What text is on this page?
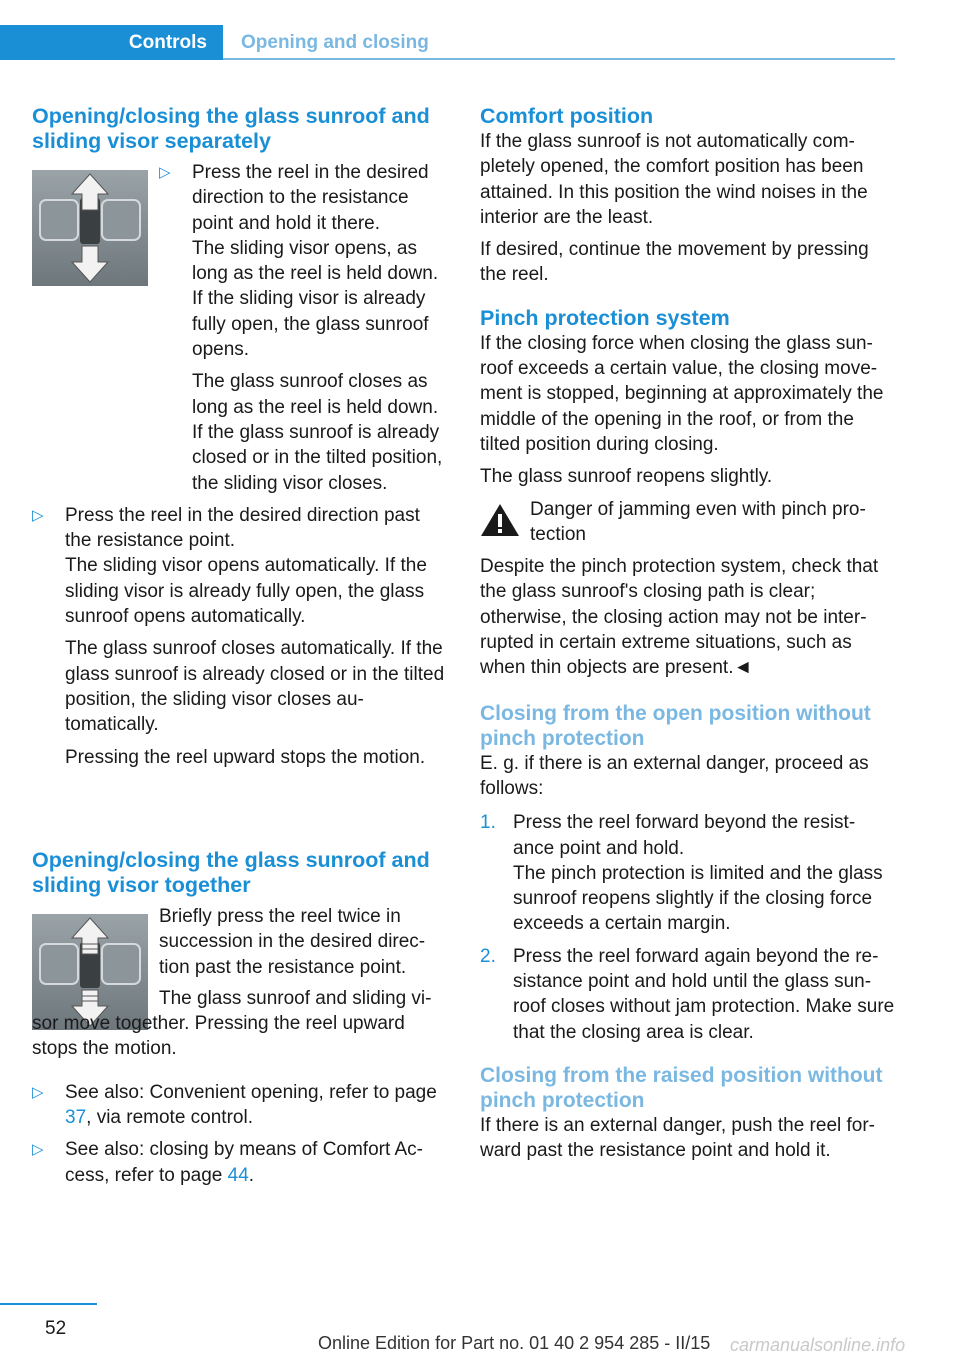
Controls	Opening and closing
Opening/closing the glass sunroof and sliding visor separately
▷ Press the reel in the desired direction to the resistance point and hold it there.

The sliding visor opens, as long as the reel is held down. If the sliding visor is already fully open, the glass sunroof opens.

The glass sunroof closes as long as the reel is held down. If the glass sunroof is already closed or in the tilted position, the sliding visor closes.

▷ Press the reel in the desired direction past the resistance point.

The sliding visor opens automatically. If the sliding visor is already fully open, the glass sunroof opens automatically.

The glass sunroof closes automatically. If the glass sunroof is already closed or in the tilted position, the sliding visor closes au-tomatically.

Pressing the reel upward stops the motion.

Opening/closing the glass sunroof and sliding visor together

Briefly press the reel twice in succession in the desired direc-tion past the resistance point.

The glass sunroof and sliding vi-sor move together. Pressing the reel upward stops the motion.

▷ See also: Convenient opening, refer to page 37, via remote control.
▷ See also: closing by means of Comfort Ac-cess, refer to page 44.
Comfort position

If the glass sunroof is not automatically com-pletely opened, the comfort position has been attained. In this position the wind noises in the interior are the least.

If desired, continue the movement by pressing the reel.

Pinch protection system

If the closing force when closing the glass sun-roof exceeds a certain value, the closing move-ment is stopped, beginning at approximately the middle of the opening in the roof, or from the tilted position during closing.

The glass sunroof reopens slightly.

Danger of jamming even with pinch pro-tection

Despite the pinch protection system, check that the glass sunroof's closing path is clear; otherwise, the closing action may not be inter-rupted in certain extreme situations, such as when thin objects are present.◄

Closing from the open position without pinch protection

E. g. if there is an external danger, proceed as follows:

1. Press the reel forward beyond the resist-ance point and hold.

The pinch protection is limited and the glass sunroof reopens slightly if the closing force exceeds a certain margin.

2. Press the reel forward again beyond the re-sistance point and hold until the glass sun-roof closes without jam protection. Make sure that the closing area is clear.
Closing from the raised position without pinch protection

If there is an external danger, push the reel for-ward past the resistance point and hold it.

52
Online Edition for Part no. 01 40 2 954 285 - II/15 carmanualsonline.info
